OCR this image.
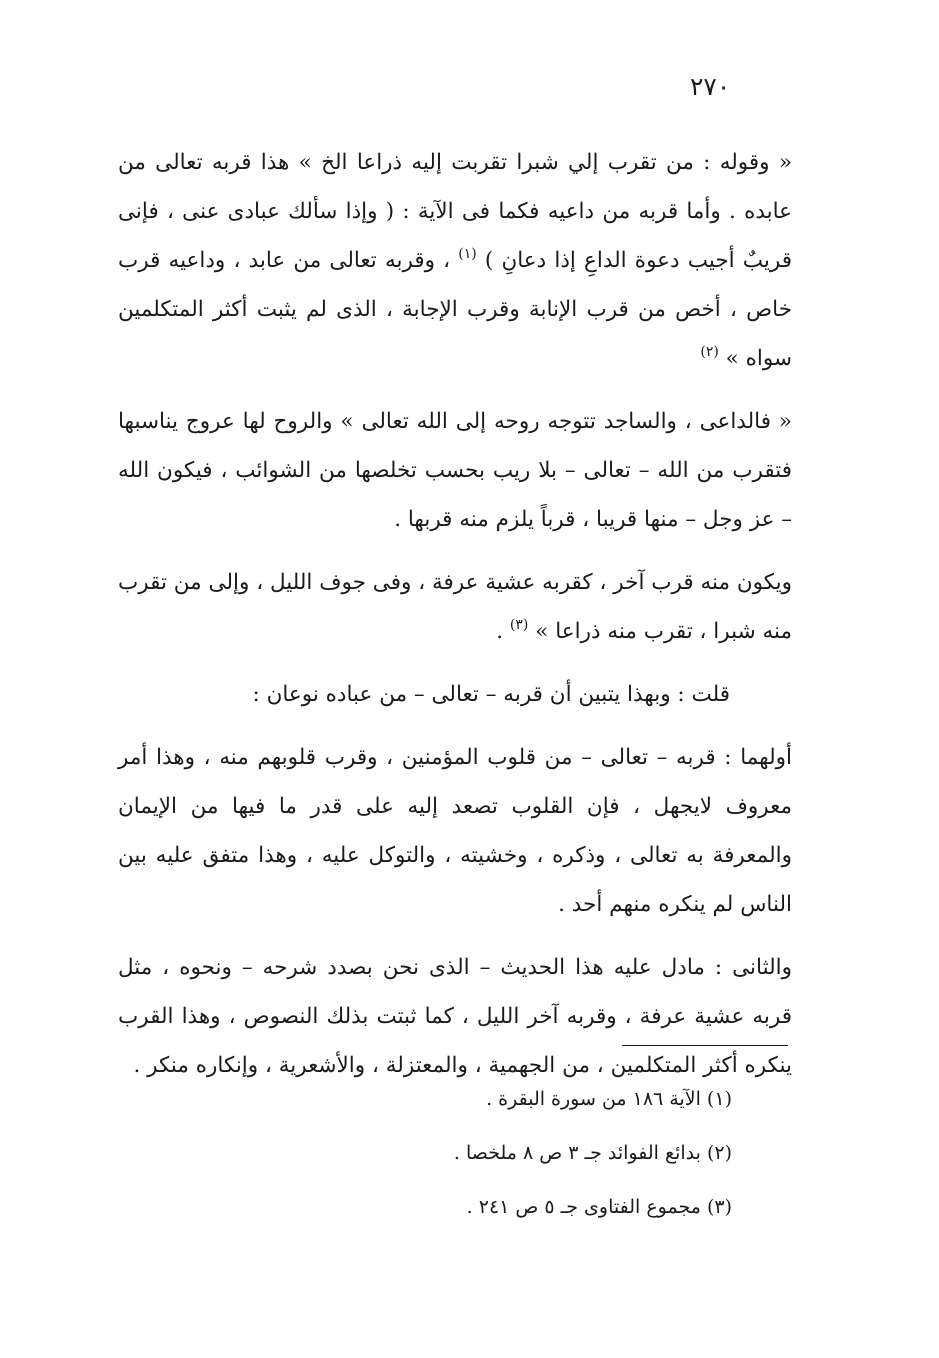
٢٧٠

« وقوله : من تقرب إلي شبرا تقربت إليه ذراعا الخ » هذا قربه تعالى من عابده . وأما قربه من داعيه فكما فى الآية : ( وإذا سألك عبادى عنى ، فإنى قريبٌ أجيب دعوة الداعِ إذا دعانِ ) $^{(١)}$ ، وقربه تعالى من عابد ، وداعيه قرب خاص ، أخص من قرب الإنابة وقرب الإجابة ، الذى لم يثبت أكثر المتكلمين سواه » $^{(٢)}$

« فالداعى ، والساجد تتوجه روحه إلى الله تعالى » والروح لها عروج يناسبها فتقرب من الله – تعالى – بلا ريب بحسب تخلصها من الشوائب ، فيكون الله – عز وجل – منها قريبا ، قرباً يلزم منه قربها .

ويكون منه قرب آخر ، كقربه عشية عرفة ، وفى جوف الليل ، وإلى من تقرب منه شبرا ، تقرب منه ذراعا » $^{(٣)}$ .

قلت : وبهذا يتبين أن قربه – تعالى – من عباده نوعان :

أولهما : قربه – تعالى – من قلوب المؤمنين ، وقرب قلوبهم منه ، وهذا أمر معروف لايجهل ، فإن القلوب تصعد إليه على قدر ما فيها من الإيمان والمعرفة به تعالى ، وذكره ، وخشيته ، والتوكل عليه ، وهذا متفق عليه بين الناس لم ينكره منهم أحد .

والثانى : مادل عليه هذا الحديث – الذى نحن بصدد شرحه – ونحوه ، مثل قربه عشية عرفة ، وقربه آخر الليل ، كما ثبتت بذلك النصوص ، وهذا القرب ينكره أكثر المتكلمين ، من الجهمية ، والمعتزلة ، والأشعرية ، وإنكاره منكر .

(١) الآية ١٨٦ من سورة البقرة .
(٢) بدائع الفوائد جـ ٣ ص ٨ ملخصا .
(٣) مجموع الفتاوى جـ ٥ ص ٢٤١ .
